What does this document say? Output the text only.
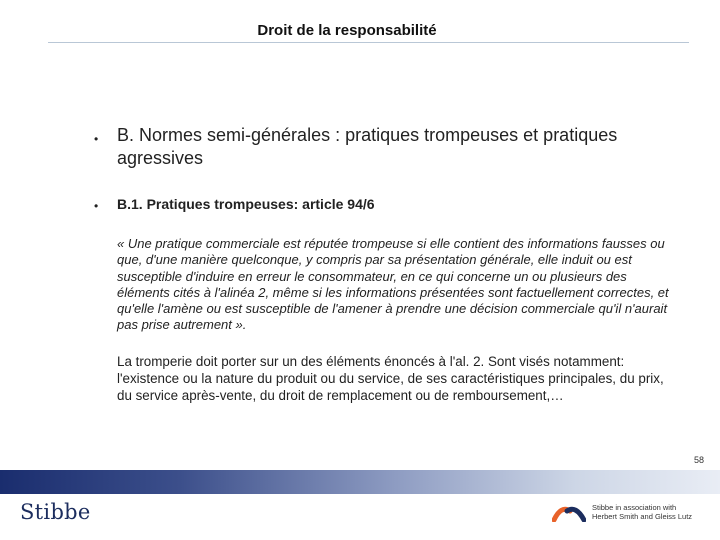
Droit de la responsabilité
• B. Normes semi-générales : pratiques trompeuses et pratiques agressives
• B.1. Pratiques trompeuses: article 94/6

« Une pratique commerciale est réputée trompeuse si elle contient des informations fausses ou que, d'une manière quelconque, y compris par sa présentation générale, elle induit ou est susceptible d'induire en erreur le consommateur, en ce qui concerne un ou plusieurs des éléments cités à l'alinéa 2, même si les informations présentées sont factuellement correctes, et qu'elle l'amène ou est susceptible de l'amener à prendre une décision commerciale qu'il n'aurait pas prise autrement ».

La tromperie doit porter sur un des éléments énoncés à l'al. 2. Sont visés notamment: l'existence ou la nature du produit ou du service, de ses caractéristiques principales, du prix, du service après-vente, du droit de remplacement ou de remboursement,…

58
Stibbe	Stibbe in association with
Herbert Smith and Gleiss Lutz
